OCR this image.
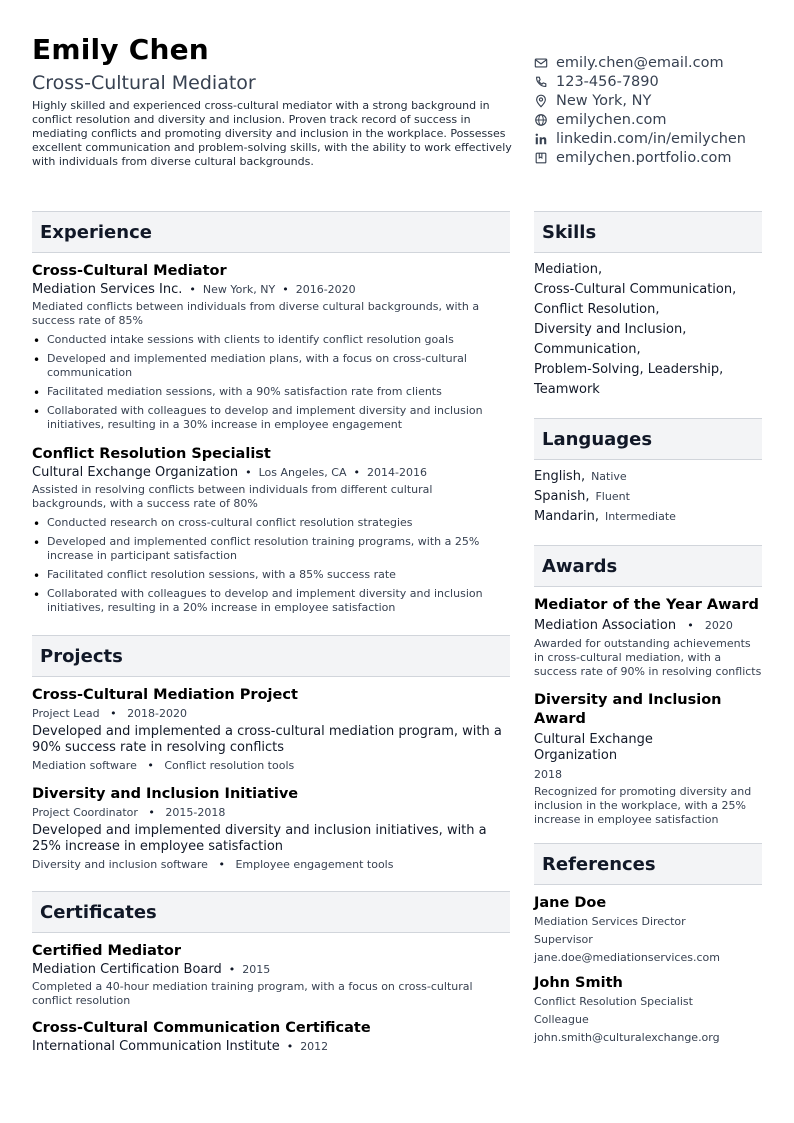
Emily Chen
Cross-Cultural Mediator
Highly skilled and experienced cross-cultural mediator with a strong background in conflict resolution and diversity and inclusion. Proven track record of success in mediating conflicts and promoting diversity and inclusion in the workplace. Possesses excellent communication and problem-solving skills, with the ability to work effectively with individuals from diverse cultural backgrounds.
emily.chen@email.com
123-456-7890
New York, NY
emilychen.com
linkedin.com/in/emilychen
emilychen.portfolio.com
Experience
Cross-Cultural Mediator
Mediation Services Inc. • New York, NY • 2016-2020
Mediated conflicts between individuals from diverse cultural backgrounds, with a success rate of 85%
• Conducted intake sessions with clients to identify conflict resolution goals
• Developed and implemented mediation plans, with a focus on cross-cultural communication
• Facilitated mediation sessions, with a 90% satisfaction rate from clients
• Collaborated with colleagues to develop and implement diversity and inclusion initiatives, resulting in a 30% increase in employee engagement
Conflict Resolution Specialist
Cultural Exchange Organization • Los Angeles, CA • 2014-2016
Assisted in resolving conflicts between individuals from different cultural backgrounds, with a success rate of 80%
• Conducted research on cross-cultural conflict resolution strategies
• Developed and implemented conflict resolution training programs, with a 25% increase in participant satisfaction
• Facilitated conflict resolution sessions, with a 85% success rate
• Collaborated with colleagues to develop and implement diversity and inclusion initiatives, resulting in a 20% increase in employee satisfaction
Projects
Cross-Cultural Mediation Project
Project Lead • 2018-2020
Developed and implemented a cross-cultural mediation program, with a 90% success rate in resolving conflicts
Mediation software • Conflict resolution tools
Diversity and Inclusion Initiative
Project Coordinator • 2015-2018
Developed and implemented diversity and inclusion initiatives, with a 25% increase in employee satisfaction
Diversity and inclusion software • Employee engagement tools
Certificates
Certified Mediator
Mediation Certification Board • 2015
Completed a 40-hour mediation training program, with a focus on cross-cultural conflict resolution
Cross-Cultural Communication Certificate
International Communication Institute • 2012
Skills
Mediation,
Cross-Cultural Communication,
Conflict Resolution,
Diversity and Inclusion,
Communication,
Problem-Solving, Leadership,
Teamwork
Languages
English, Native
Spanish, Fluent
Mandarin, Intermediate
Awards
Mediator of the Year Award
Mediation Association • 2020
Awarded for outstanding achievements in cross-cultural mediation, with a success rate of 90% in resolving conflicts
Diversity and Inclusion Award
Cultural Exchange Organization
2018
Recognized for promoting diversity and inclusion in the workplace, with a 25% increase in employee satisfaction
References
Jane Doe
Mediation Services Director
Supervisor
jane.doe@mediationservices.com
John Smith
Conflict Resolution Specialist
Colleague
john.smith@culturalexchange.org
